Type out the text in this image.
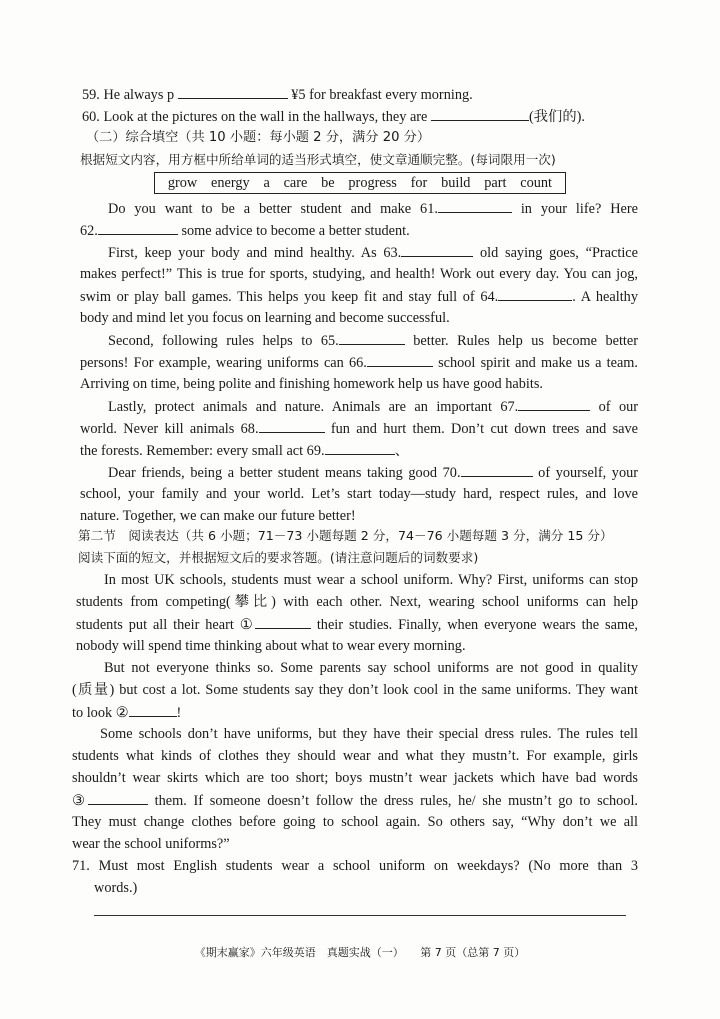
59. He always p	¥5 for breakfast every morning.
60. Look at the pictures on the wall in the hallways, they are	(我们的).
（二）综合填空（共 10 小题：每小题 2 分，满分 20 分）
根据短文内容，用方框中所给单词的适当形式填空，使文章通顺完整。(每词限用一次)
grow energy a care be progress for build part count
Do you want to be a better student and make 61.	in your life? Here
62.	some advice to become a better student.
First, keep your body and mind healthy. As 63.	old saying goes, “Practice
makes perfect!” This is true for sports, studying, and health! Work out every day. You can jog,
swim or play ball games. This helps you keep fit and stay full of 64.	. A healthy
body and mind let you focus on learning and become successful.
Second, following rules helps to 65.	better. Rules help us become better
persons! For example, wearing uniforms can 66.	school spirit and make us a team.
Arriving on time, being polite and finishing homework help us have good habits.
Lastly, protect animals and nature. Animals are an important 67.	of our
world. Never kill animals 68.	fun and hurt them. Don’t cut down trees and save
the forests. Remember: every small act 69.	、
Dear friends, being a better student means taking good 70.	of yourself, your
school, your family and your world. Let’s start today—study hard, respect rules, and love
nature. Together, we can make our future better!
第二节　阅读表达（共 6 小题；71－73 小题每题 2 分，74－76 小题每题 3 分，满分 15 分）
阅读下面的短文，并根据短文后的要求答题。(请注意问题后的词数要求)
In most UK schools, students must wear a school uniform. Why? First, uniforms can stop
students from competing(攀比) with each other. Next, wearing school uniforms can help
students put all their heart ①	their studies. Finally, when everyone wears the same,
nobody will spend time thinking about what to wear every morning.
But not everyone thinks so. Some parents say school uniforms are not good in quality
(质量) but cost a lot. Some students say they don’t look cool in the same uniforms. They want
to look ②	!
Some schools don’t have uniforms, but they have their special dress rules. The rules tell
students what kinds of clothes they should wear and what they mustn’t. For example, girls
shouldn’t wear skirts which are too short; boys mustn’t wear jackets which have bad words
③	them. If someone doesn’t follow the dress rules, he/ she mustn’t go to school.
They must change clothes before going to school again. So others say, “Why don’t we all
wear the school uniforms?”
71. Must most English students wear a school uniform on weekdays? (No more than 3
words.)
《期末赢家》六年级英语　真题实战（一）　　第 7 页（总第 7 页）
